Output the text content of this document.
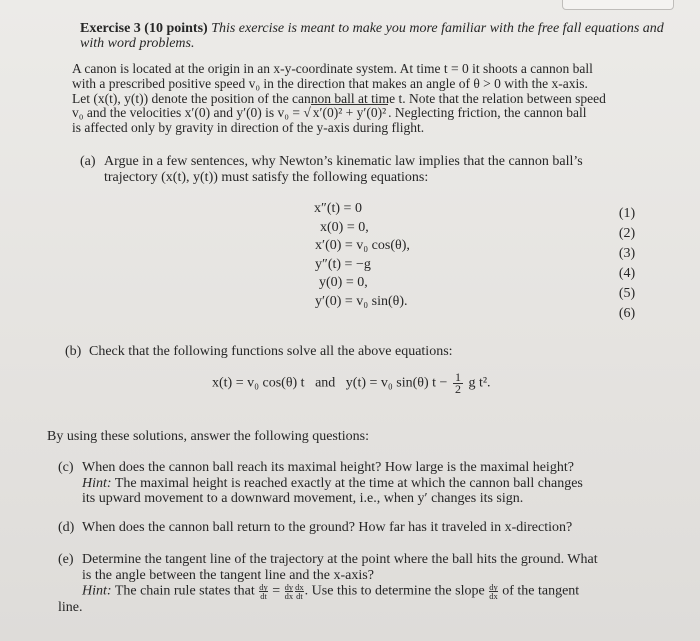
Exercise 3 (10 points) This exercise is meant to make you more familiar with the free fall equations and with word problems.
A canon is located at the origin in an x-y-coordinate system. At time t = 0 it shoots a cannon ball
with a prescribed positive speed v₀ in the direction that makes an angle of θ > 0 with the x-axis.
Let (x(t), y(t)) denote the position of the cannon ball at time t. Note that the relation between speed
v₀ and the velocities x′(0) and y′(0) is v₀ = √ x′(0)² + y′(0)² . Neglecting friction, the cannon ball
is affected only by gravity in direction of the y-axis during flight.
(a) Argue in a few sentences, why Newton’s kinematic law implies that the cannon ball’s
trajectory (x(t), y(t)) must satisfy the following equations:
x″(t) = 0
x(0) = 0,
x′(0) = v₀ cos(θ),
y″(t) = −g
y(0) = 0,
y′(0) = v₀ sin(θ).
(1)
(2)
(3)
(4)
(5)
(6)
(b) Check that the following functions solve all the above equations:
x(t) = v₀ cos(θ) t and y(t) = v₀ sin(θ) $t - \frac{1}{2}$ g t².
By using these solutions, answer the following questions:
(c) When does the cannon ball reach its maximal height? How large is the maximal height?
Hint: The maximal height is reached exactly at the time at which the cannon ball changes
its upward movement to a downward movement, i.e., when y′ changes its sign.
(d) When does the cannon ball return to the ground? How far has it traveled in x-direction?
(e) Determine the tangent line of the trajectory at the point where the ball hits the ground. What
is the angle between the tangent line and the x-axis?
Hint: The chain rule states that $\frac{dy}{dt} = \frac{dy}{dx} \frac{dx}{dt}$ . Use this to determine the slope $\frac{dy}{dx}$ of the tangent
line.
